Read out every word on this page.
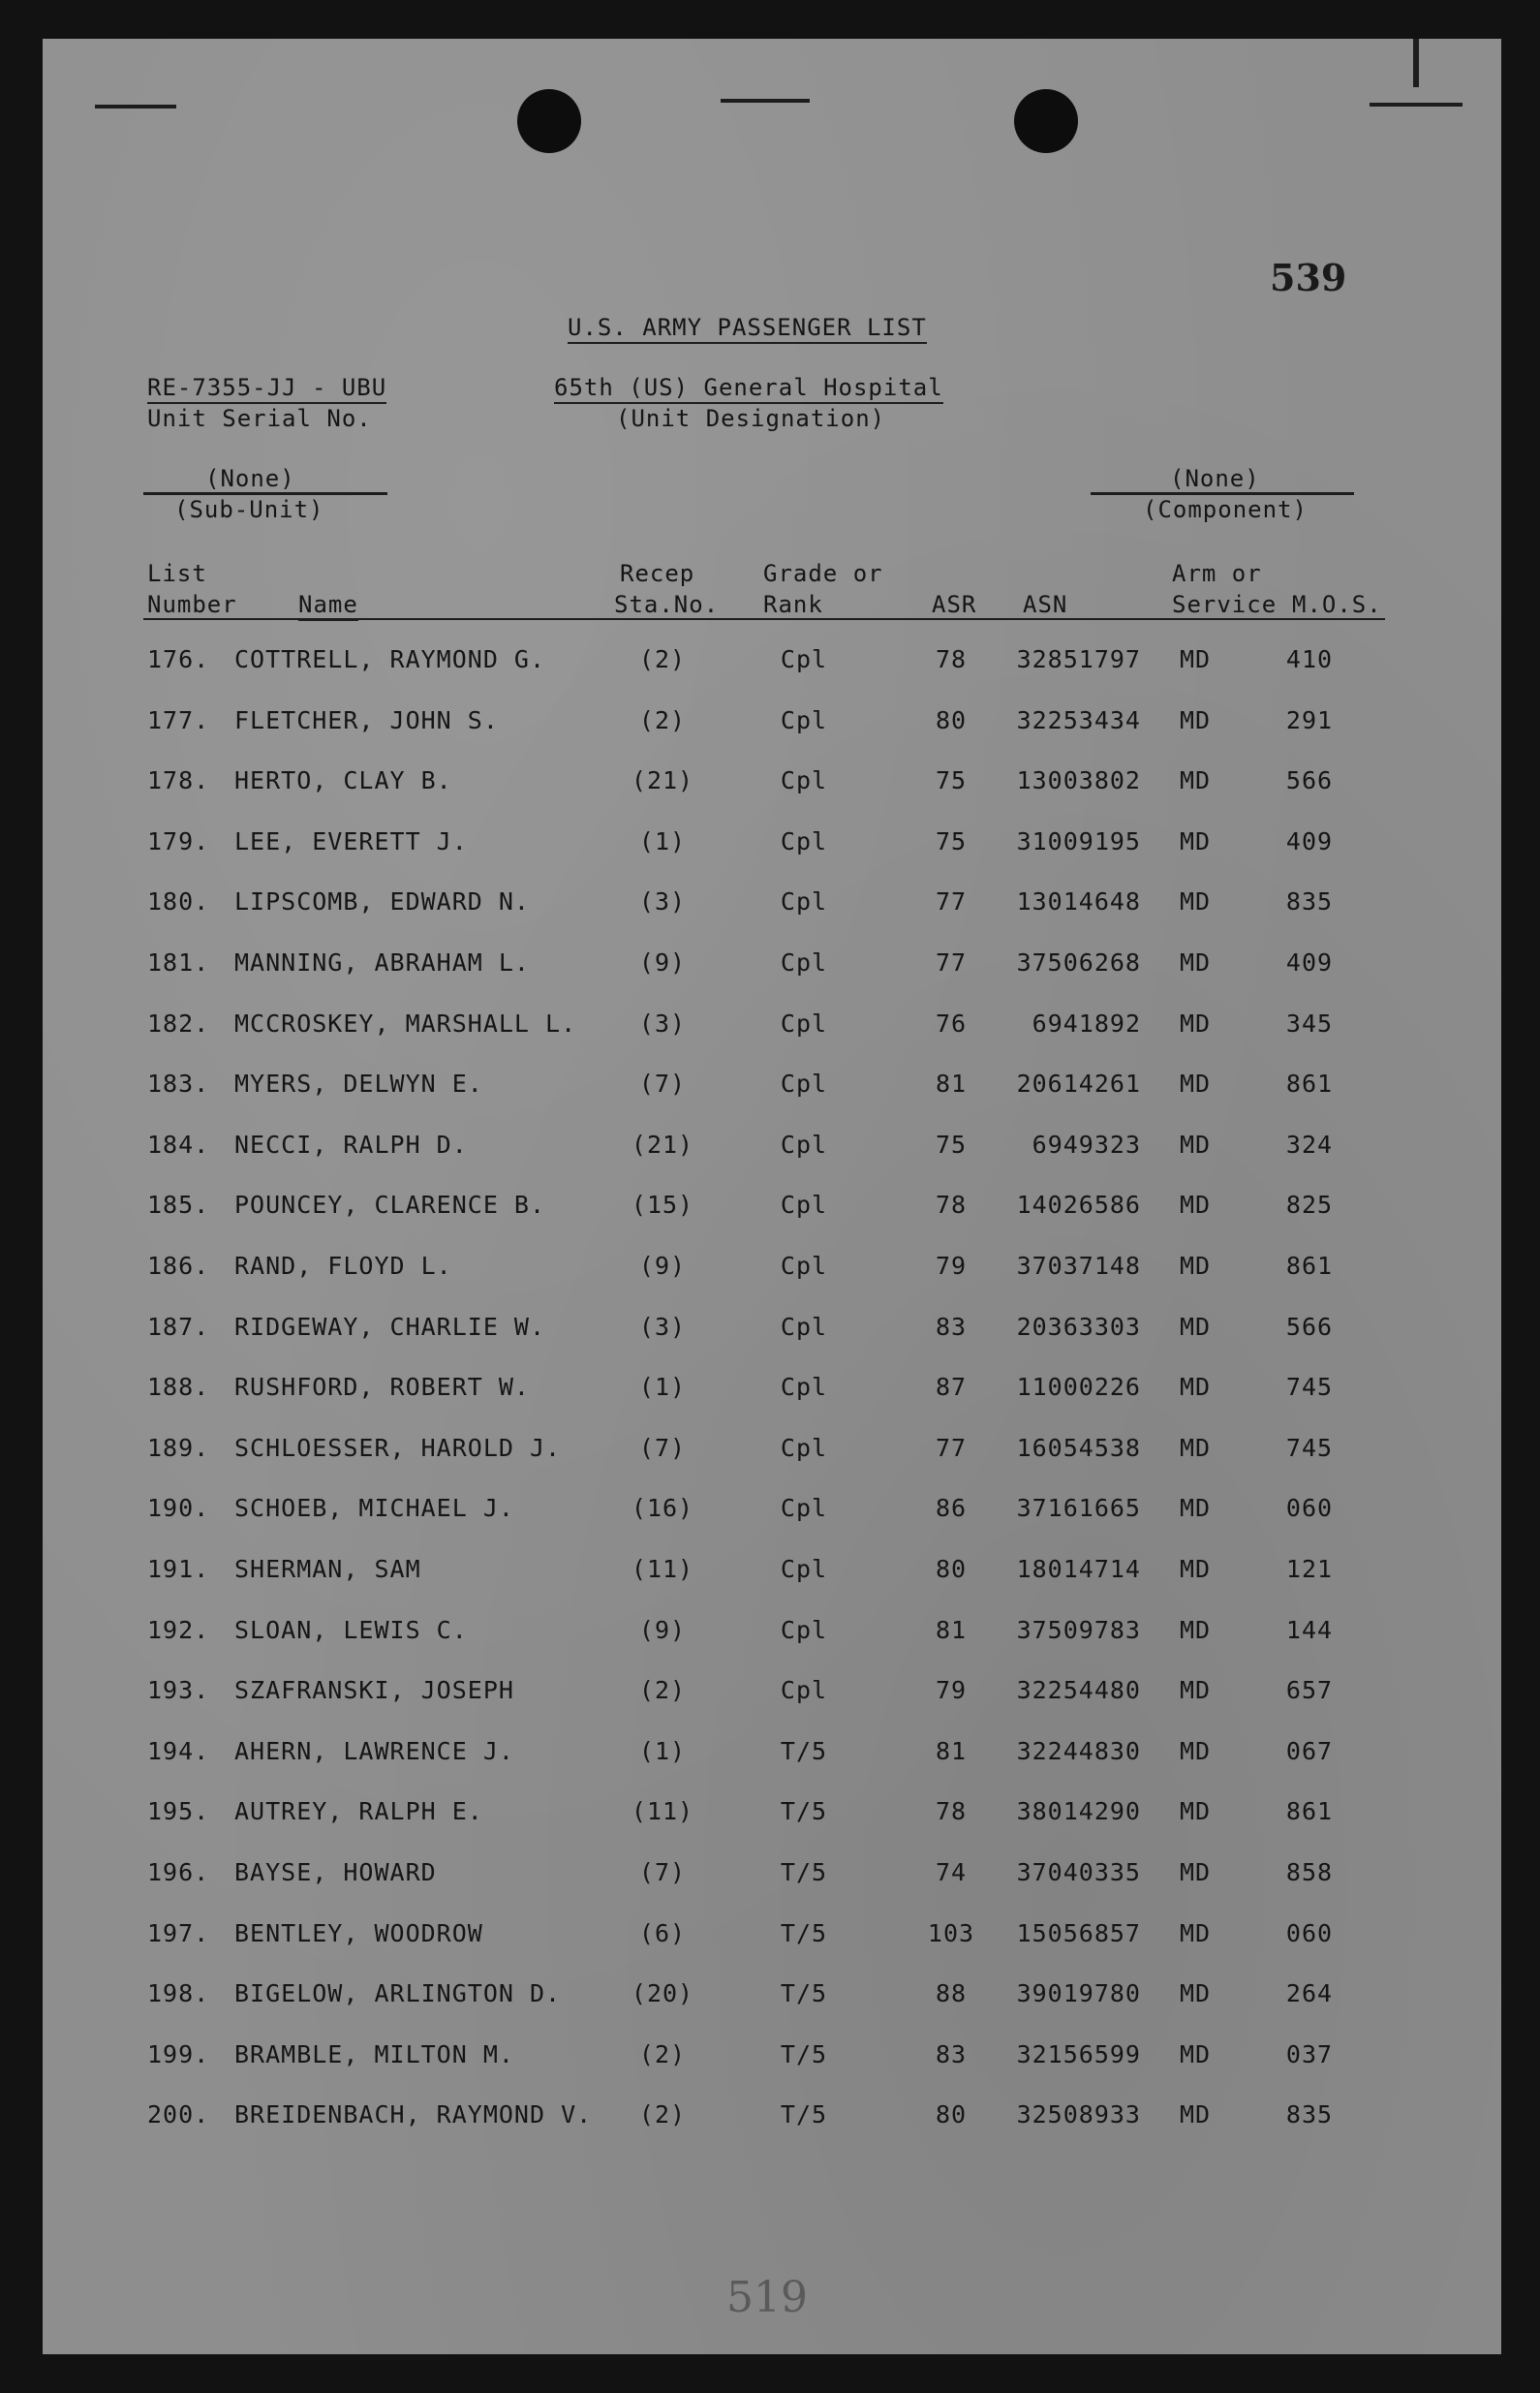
539
U.S. ARMY PASSENGER LIST
RE-7355-JJ - UBU
Unit Serial No.
65th (US) General Hospital
(Unit Designation)
(None)
(Sub-Unit)
(None)
(Component)
List
Number	Name
Recep
Sta.No.
Grade or
Rank	ASR ASN
Arm or
Service M.O.S.
176. COTTRELL, RAYMOND G.	(2)	Cpl	78	32851797	MD	410
177. FLETCHER, JOHN S.	(2)	Cpl	80	32253434	MD	291
178. HERTO, CLAY B.	(21)	Cpl	75	13003802	MD	566
179. LEE, EVERETT J.	(1)	Cpl	75	31009195	MD	409
180. LIPSCOMB, EDWARD N.	(3)	Cpl	77	13014648	MD	835
181. MANNING, ABRAHAM L.	(9)	Cpl	77	37506268	MD	409
182. MCCROSKEY, MARSHALL L.	(3)	Cpl	76	6941892	MD	345
183. MYERS, DELWYN E.	(7)	Cpl	81	20614261	MD	861
184. NECCI, RALPH D.	(21)	Cpl	75	6949323	MD	324
185. POUNCEY, CLARENCE B.	(15)	Cpl	78	14026586	MD	825
186. RAND, FLOYD L.	(9)	Cpl	79	37037148	MD	861
187. RIDGEWAY, CHARLIE W.	(3)	Cpl	83	20363303	MD	566
188. RUSHFORD, ROBERT W.	(1)	Cpl	87	11000226	MD	745
189. SCHLOESSER, HAROLD J.	(7)	Cpl	77	16054538	MD	745
190. SCHOEB, MICHAEL J.	(16)	Cpl	86	37161665	MD	060
191. SHERMAN, SAM	(11)	Cpl	80	18014714	MD	121
192. SLOAN, LEWIS C.	(9)	Cpl	81	37509783	MD	144
193. SZAFRANSKI, JOSEPH	(2)	Cpl	79	32254480	MD	657
194. AHERN, LAWRENCE J.	(1)	T/5	81	32244830	MD	067
195. AUTREY, RALPH E.	(11)	T/5	78	38014290	MD	861
196. BAYSE, HOWARD	(7)	T/5	74	37040335	MD	858
197. BENTLEY, WOODROW	(6)	T/5	103	15056857	MD	060
198. BIGELOW, ARLINGTON D.	(20)	T/5	88	39019780	MD	264
199. BRAMBLE, MILTON M.	(2)	T/5	83	32156599	MD	037
200. BREIDENBACH, RAYMOND V.	(2)	T/5	80	32508933	MD	835
519
